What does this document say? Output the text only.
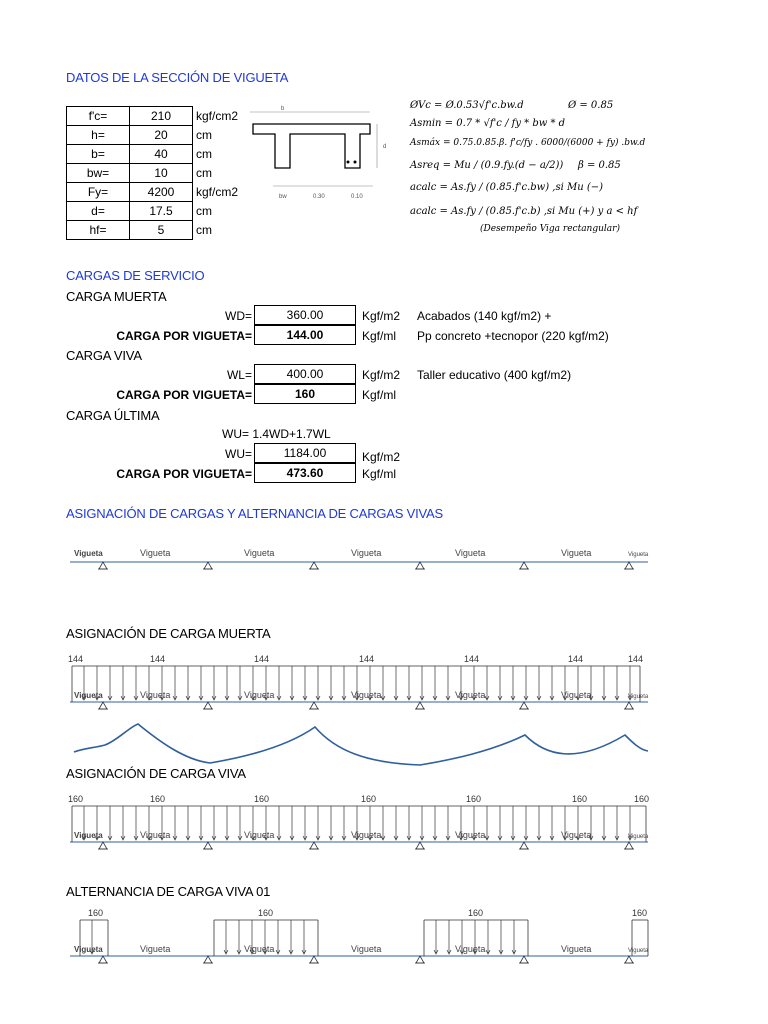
DATOS DE LA SECCIÓN DE VIGUETA
f'c=	210	kgf/cm2
h=	20	cm
b=	40	cm
bw=	10	cm
Fy=	4200	kgf/cm2
d=	17.5	cm
hf=	5	cm
b
d
bw	0.30	0.10
ØVc = Ø.0.53√f'c.bw.d	Ø = 0.85
Asmin = 0.7 * √f'c / fy * bw * d
Asmáx = 0.75.0.85.β. f'c/fy . 6000/(6000 + fy) .bw.d
Asreq = Mu / (0.9.fy.(d − a/2)) β = 0.85
acalc = As.fy / (0.85.f'c.bw) ,si Mu (−)
acalc = As.fy / (0.85.f'c.b) ,si Mu (+) y a < hf
(Desempeño Viga rectangular)
CARGAS DE SERVICIO
CARGA MUERTA
WD=	360.00	Kgf/m2 Acabados (140 kgf/m2) +
CARGA POR VIGUETA=	144.00	Kgf/ml Pp concreto +tecnopor (220 kgf/m2)
CARGA VIVA
WL=	400.00	Kgf/m2 Taller educativo (400 kgf/m2)
CARGA POR VIGUETA=	160	Kgf/ml
CARGA ÚLTIMA
WU= 1.4WD+1.7WL
WU=	1184.00	Kgf/m2
CARGA POR VIGUETA=	473.60	Kgf/ml
ASIGNACIÓN DE CARGAS Y ALTERNANCIA DE CARGAS VIVAS
Vigueta	Vigueta	Vigueta	Vigueta	Vigueta	Vigueta	Vigueta
ASIGNACIÓN DE CARGA MUERTA
144	144	144	144	144	144	144
Vigueta	Vigueta	Vigueta	Vigueta	Vigueta	Vigueta	Vigueta
ASIGNACIÓN DE CARGA VIVA
160	160	160	160	160	160	160
Vigueta	Vigueta	Vigueta	Vigueta	Vigueta	Vigueta	Vigueta
ALTERNANCIA DE CARGA VIVA 01
160	160	160	160
Vigueta	Vigueta	Vigueta	Vigueta	Vigueta	Vigueta	Vigueta
